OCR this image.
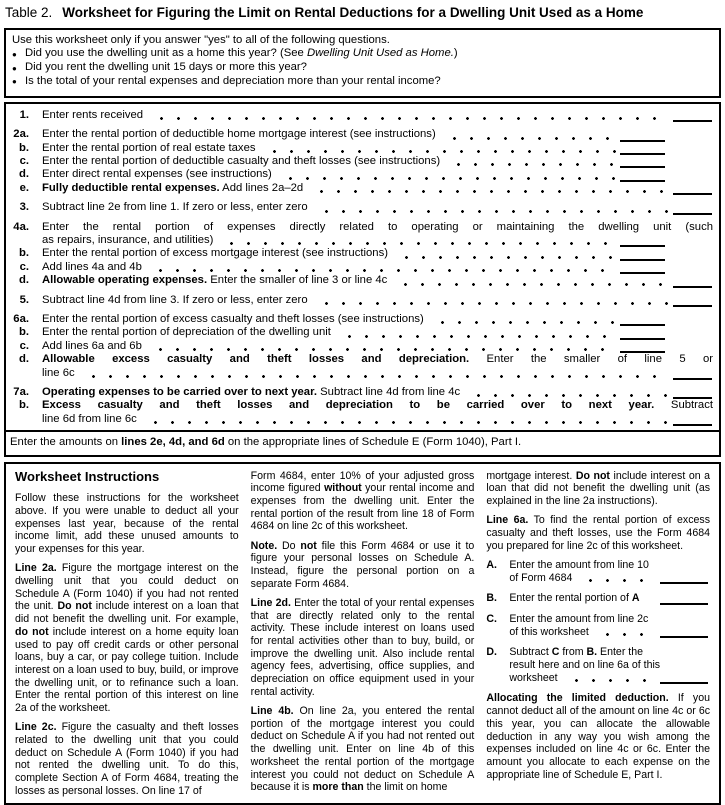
Table 2. Worksheet for Figuring the Limit on Rental Deductions for a Dwelling Unit Used as a Home
Use this worksheet only if you answer "yes" to all of the following questions.
● Did you use the dwelling unit as a home this year? (See Dwelling Unit Used as Home.)
● Did you rent the dwelling unit 15 days or more this year?
● Is the total of your rental expenses and depreciation more than your rental income?
1. Enter rents received
2a. Enter the rental portion of deductible home mortgage interest (see instructions)
b. Enter the rental portion of real estate taxes
c. Enter the rental portion of deductible casualty and theft losses (see instructions)
d. Enter direct rental expenses (see instructions)
e. Fully deductible rental expenses. Add lines 2a–2d
3. Subtract line 2e from line 1. If zero or less, enter zero
4a. Enter the rental portion of expenses directly related to operating or maintaining the dwelling unit (such
as repairs, insurance, and utilities)
b. Enter the rental portion of excess mortgage interest (see instructions)
c. Add lines 4a and 4b
d. Allowable operating expenses. Enter the smaller of line 3 or line 4c
5. Subtract line 4d from line 3. If zero or less, enter zero
6a. Enter the rental portion of excess casualty and theft losses (see instructions)
b. Enter the rental portion of depreciation of the dwelling unit
c. Add lines 6a and 6b
d. Allowable excess casualty and theft losses and depreciation. Enter the smaller of line 5 or
line 6c
7a. Operating expenses to be carried over to next year. Subtract line 4d from line 4c
b. Excess casualty and theft losses and depreciation to be carried over to next year. Subtract
line 6d from line 6c
Enter the amounts on lines 2e, 4d, and 6d on the appropriate lines of Schedule E (Form 1040), Part I.
Worksheet Instructions

Follow these instructions for the worksheet above. If you were unable to deduct all your expenses last year, because of the rental income limit, add these unused amounts to your expenses for this year.

Line 2a. Figure the mortgage interest on the dwelling unit that you could deduct on Schedule A (Form 1040) if you had not rented the unit. Do not include interest on a loan that did not benefit the dwelling unit. For example, do not include interest on a home equity loan used to pay off credit cards or other personal loans, buy a car, or pay college tuition. Include interest on a loan used to buy, build, or improve the dwelling unit, or to refinance such a loan. Enter the rental portion of this interest on line 2a of the worksheet.

Line 2c. Figure the casualty and theft losses related to the dwelling unit that you could deduct on Schedule A (Form 1040) if you had not rented the dwelling unit. To do this, complete Section A of Form 4684, treating the losses as personal losses. On line 17 of

Form 4684, enter 10% of your adjusted gross income figured without your rental income and expenses from the dwelling unit. Enter the rental portion of the result from line 18 of Form 4684 on line 2c of this worksheet.

Note. Do not file this Form 4684 or use it to figure your personal losses on Schedule A. Instead, figure the personal portion on a separate Form 4684.

Line 2d. Enter the total of your rental expenses that are directly related only to the rental activity. These include interest on loans used for rental activities other than to buy, build, or improve the dwelling unit. Also include rental agency fees, advertising, office supplies, and depreciation on office equipment used in your rental activity.

Line 4b. On line 2a, you entered the rental portion of the mortgage interest you could deduct on Schedule A if you had not rented out the dwelling unit. Enter on line 4b of this worksheet the rental portion of the mortgage interest you could not deduct on Schedule A because it is more than the limit on home

mortgage interest. Do not include interest on a loan that did not benefit the dwelling unit (as explained in the line 2a instructions).

Line 6a. To find the rental portion of excess casualty and theft losses, use the Form 4684 you prepared for line 2c of this worksheet.

A.	Enter the amount from line 10
of Form 4684
B.	Enter the rental portion of A
C.	Enter the amount from line 2c
of this worksheet
D.	Subtract C from B. Enter the
result here and on line 6a of this
worksheet

Allocating the limited deduction. If you cannot deduct all of the amount on line 4c or 6c this year, you can allocate the allowable deduction in any way you wish among the expenses included on line 4c or 6c. Enter the amount you allocate to each expense on the appropriate line of Schedule E, Part I.
